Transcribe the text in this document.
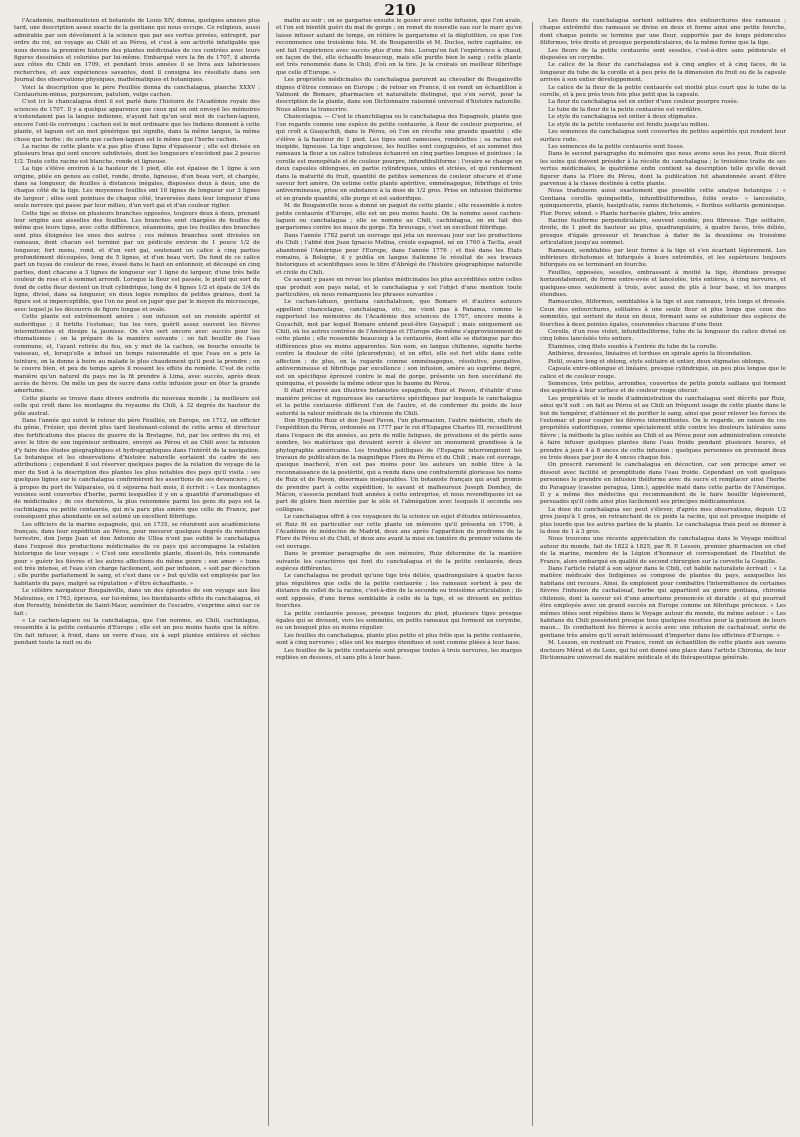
210

l'Académie, mathématicien et botaniste de Louis XIV, donna, quelques années plus tard, une description assez exacte de la gentiane qui nous occupe. Ce religieux, aussi admirable par son dévoûment à la science que par ses vertus privées, entreprit, par ordre du roi, un voyage au Chili et au Pérou, et c'est à son activité infatigable que nous devons la première histoire des plantes médicinales de ces contrées avec leurs figures dessinées et coloriées par lui-même. Embarqué vers la fin de 1707, il aborda aux côtes du Chili en 1709, et pendant trois années il se livra aux laborieuses recherches, et aux expériences savantes, dont il consigna les résultats dans son Journal des observations physiques, mathématiques et botaniques.

Voici la description que le père Feuillée donna du canchalagua, planche XXXV : Centaurium-minus, purpureum, patulum, vulgo cachen.

C'est ici le chancalagua dont il est parlé dans l'histoire de l'Académie royale des sciences de 1707. Il y a quelque apparence que ceux qui en ont envoyé les mémoires n'entendaient pas la langue indienne, n'ayant fait qu'un seul mot de cachen-laguen, encore l'ont-ils corrompu ; cachen est le mot ordinaire que les Indiens donnent à cette plante, et laguen est un mot générique qui signifie, dans la même langue, la même chose que herbe ; de sorte que cachen-laguen est le même que l'herbe cachen.

La racine de cette plante n'a pas plus d'une ligne d'épaisseur ; elle est divisée en plusieurs bras qui sont encore subdivisés, dont les longueurs n'excèdent pas 2 pouces 1/2. Toute cette racine est blanche, ronde et ligneuse.

La tige s'élève environ à la hauteur de 1 pied, elle est épaisse de 1 ligne à son origine, pliée en genou au collet, ronde, droite, ligneuse, d'un beau vert, et chargée, dans sa longueur, de feuilles à distances inégales, disposées deux à deux, une de chaque côté de la tige. Les moyennes feuilles ont 10 lignes de longueur sur 3 lignes de largeur ; elles sont pointues de chaque côté, traversées dans leur longueur d'une seule nervure qui passe par leur milieu, d'un vert gai et d'un couleur riglier.

Cette tige se divise en plusieurs branches opposées, toujours deux à deux, prenant leur origine aux aisselles des feuilles. Les branches sont chargées de feuilles de même que leurs tiges, avec cette différence, néanmoins, que les feuilles des branches sont plus éloignées les unes des autres ; ces mêmes branches sont divisées en rameaux, dont chacun est terminé par un pédicule environ de 1 pouce 1/2 de longueur, fort menu, rond, et d'un vert gai, soutenant un calice à cinq parties profondément découpées, long de 5 lignes, et d'un beau vert. Du fond de ce calice part un tuyau de couleur de rose, évasé dans le haut en entonnoir, et découpé en cinq parties, dont chacune a 3 lignes de longueur sur 1 ligne de largeur, d'une très belle couleur de rose et à sommet arrondi. Lorsque la fleur est passée, le pistil qui sort du fond de cette fleur devient un fruit cylindrique, long de 4 lignes 1/2 et épais de 3/4 de ligne, divisé, dans sa longueur, en deux loges remplies de petites graines, dont la figure est si imperceptible, que l'on ne peut en juger que par le moyen du microscope, avec lequel je les découvris de figure longue et ovale.

Cette plante est extrêmement amère ; son infusion est un remède apéritif et sudorifique ; il fortifie l'estomac, tue les vers, guérit assez souvent les fièvres intermittentes et dissipe la jaunisse. On s'en sert encore avec succès pour les rhumatismes ; on la prépare de la manière suivante : on fait bouillir de l'eau commune, et, l'ayant retirée du feu, on y met de la cachen, on bouche ensuite le vaisseau, et, lorsqu'elle a infusé un temps raisonnable et que l'eau en a pris la teinture, on la donne à boire au malade le plus chaudement qu'il peut la prendre ; on le couvre bien, et peu de temps après il ressent les effets du remède. C'est de cette manière qu'un naturel du pays me la fit prendre à Lima, avec succès, après deux accès de fièvre. On mêle un peu de sucre dans cette infusion pour en ôter la grande amertume.

Cette plante se trouve dans divers endroits du nouveau monde ; la meilleure est celle qui croît dans les montagne du royaume du Chili, à 32 degrés de hauteur du pôle austral.

Dans l'année qui suivit le retour du père Feuillée, en Europe, en 1712, un officier du génie, Frézier, qui devint plus tard lieutenant-colonel de cette arme et directeur des fortifications des places de guerre de la Bretagne, fut, par les ordres du roi, et avec le titre de son ingénieur ordinaire, envoyé au Pérou et au Chili avec la mission d'y faire des études géographiques et hydrographiques dans l'intérêt de la navigation. La botanique et les observations d'histoire naturelle sortaient du cadre de ses attributions ; cependant il sut réserver quelques pages de la relation du voyage de la mer du Sud à la description des plantes les plus notables des pays qu'il visita : ses quelques lignes sur le canchalagua confirmèrent les assertions de ses devanciers ; et, à propos du port de Valparaiso, où il séjourna huit mois, il écrivit : « Les montagnes voisines sont couvertes d'herbe, parmi lesquelles il y en a quantité d'aromatiques et de médicinales ; de ces dernières, la plus renommée parmi les gens du pays est la cachinlagua ou petite centaurée, qui m'a paru plus amère que celle de France, par conséquent plus abondante en sel estimé un excellent fébrifuge.

Les officiers de la marine espagnole, qui, en 1735, se réunirent aux académiciens français, dans leur expédition au Pérou, pour mesurer quelques degrés du méridien terrestre, don Jorge Juan et don Antonio de Ulloa n'ont pas oublié le canchalagua dans l'exposé des productions médicinales de ce pays qui accompagne la relation historique de leur voyage : « C'est une excellente plante, disent-ils, très commande pour » guérir les fièvres et les autres affections du même genre ; son amer- » tume est très intense, et l'eau s'en charge facilement, soit par infusion, » soit par décoction ; elle purifie parfaitement le sang, et c'est dans ce » but qu'elle est employée par les habitants du pays, malgré sa réputation » d'être échauffante. »

Le célèbre navigateur Bougainville, dans un des épisodes de son voyage aux îles Malouines, en 1763, éprouva, sur lui-même, les bienfaisants effets du canchalagua, et don Pernetty, bénédictin de Saint-Maur, aumônier de l'escadre, s'exprime ainsi sur ce fait :

« Le cachen-laguen ou la canchalagua, que l'on nomme, au Chili, cachinlagua, ressemble à la petite centaurée d'Europe ; elle est un peu moins haute que la nôtre. On fait infuser, à froid, dans un verre d'eau, six à sept plantes entières et sèches pendant toute la nuit ou du

matin au soir ; on se gargarise ensuite le gosier avec cette infusion, que l'on avale, et l'on est bientôt guéri du mal de gorge ; on remet de nouvelle eau sur le marc qu'on laisse infuser autant de temps, on réitère le gargarisme et la déglutition, ce que l'on recommence une troisième fois. M. de Bougainville et M. Duclos, notre capitaine, en ont fait l'expérience avec succès plus d'une fois. Lorsqu'on fait l'expérience à chaud, en façon de thé, elle échauffe beaucoup, mais elle purifie bien le sang ; cette plante est très renommée dans le Chili, d'où on la tire. Je la croirais un meilleur fébrifuge que celle d'Europe. »

Les propriétés médicinales du canchalagua parurent au chevalier de Bougainville dignes d'êtres connues en Europe ; de retour en France, il en remit un échantillon à Valmont de Bomare, pharmacien et naturaliste distingué, qui s'en servit, pour la description de la plante, dans son Dictionnaire raisonné universel d'histoire naturelle. Nous allons la transcrire.

Chancelagua. — C'est le chanchilagua ou le canchalagua des Espagnols, plante que l'on regarde comme une espèce de petite centaurée, à fleur de couleur purpurine, et qui croît à Guayachili, dans le Pérou, où l'on en récolte une grande quantité ; elle s'élève à la hauteur de 1 pied. Les tiges sont rameuses, rondelettes ; sa racine est insipide, ligneuse. La tige anguleuse, les feuilles sont conjuguées, et au sommet des rameaux la fleur a un calice tubuleux échancré en cinq parties longues et pointues ; la corolle est monopétale et de couleur pourpre, infundibuliforme ; l'ovaire se change en deux capsules oblongues, en partie cylindriques, unies et striées, et qui renferment dans la maturité du fruit, quantité de petites semences de couleur obscure et d'une saveur fort amère. On estime cette plante apéritive, emménagogue, fébrifuge et très antivermineuse, prise en substance à la dose de 1/2 gros. Prise en infusion théiforme et en grande quantité, elle purge et est sudorifique.

M. de Bougainville nous a donné un paquet de cette plante ; elle ressemble à notre petite centaurée d'Europe, elle est un peu moins haute. On la nomme aussi cachen-laguen ou canchalagua ; elle se nomme au Chili, cachinlagua, on en fait des gargarismes contre les maux de gorge. En breuvage, c'est un excellent fébrifuge.

Dans l'année 1782 parut un ouvrage qui jeta un nouveau jour sur les productions du Chili ; l'abbé don Juan Ignacio Molina, créole espagnol, né en 1760 à Taclla, avait abandonné l'Amérique pour l'Europe, dans l'année 1776 ; et fixé dans les États romains, à Bologne, il y publia en langue italienne le résultat de ses travaux historiques et scientifiques sous le titre d'Abrégé de l'histoire géographique naturelle et civile du Chili.

Ce savant y passe en revue les plantes médicinales les plus accréditées entre celles que produit son pays natal, et le canchalagua y est l'objet d'une mention toute particulière, où nous remarquons les phrases suivantes :

Le cachan-lahuen, gentiana canchalahuen, que Bomare et d'autres auteurs appellent chancelague, canchalagua, etc., ne vient pas à Panama, comme le rapportent les mémoires de l'Académie des sciences de 1707, encore moins à Guyachili, mot par lequel Bomare entend peut-être Guyaquil ; mais uniquement au Chili, où les autres contrées de l'Amérique et l'Europe elle-même s'approvisionnent de cette plante ; elle ressemble beaucoup à la centaurée, dont elle se distingue par des différences plus ou moins apparentes. Son nom, en langue chilienne, signifie herbe contre la douleur de côté (pleurodynie), et en effet, elle est fort utile dans cette affection ; de plus, on la regarde comme emménagogue, résolutive, purgative, antivermineuse et fébrifuge par excellence ; son infusion, amère au suprême degré, est un spécifique éprouvé contre le mal de gorge, présente un bon succédané du quinquina, et possède la même odeur que le baume du Pérou.

Il était réservé aux illustres botanistes espagnols, Ruiz et Pavon, d'établir d'une manière précise et rigoureuse les caractères spécifiques par lesquels le canchalagua et la petite centaurée diffèrent l'un de l'autre, et de confirmer du poids de leur autorité la valeur médicale de la chironie du Chili.

Don Hypolito Ruiz et don Josef Pavon, l'un pharmacien, l'autre médecin, chefs de l'expédition du Pérou, ordonnée en 1777 par le roi d'Espagne Charles III, recueillirent dans l'espace de dix années, au prix de mille fatigues, de privations et de périls sans nombre, les matériaux qui devaient servir à élever un monument grandiose à la phytographie américaine. Les troubles politiques de l'Espagne interrompirent les travaux de publication de la magnifique Flore du Pérou et du Chili ; mais cet ouvrage, quoique inachevé, n'en est pas moins pour les auteurs un noble titre à la reconnaissance de la postérité, qui a rendu dans une confraternité glorieuse les noms de Ruiz et de Pavon, désormais inséparables. Un botaniste français qui avait promis de prendre part à cette expédition, le savant et malheureux Joseph Dombey, de Mâcon, s'associa pendant huit années à cette entreprise, et nous revendiquons ici sa part de gloire bien méritée par le zèle et l'abnégation avec lesquels il seconda ses collègues.

Le canchalagua offrit à ces voyageurs de la science un sujet d'études intéressantes, et Ruiz fit en particulier sur cette plante un mémoire qu'il présenta en 1796, à l'Académie de médecine de Madrid, deux ans après l'apparition du prodrome de la Flore du Pérou et du Chili, et deux ans avant la mise en lumière du premier volume de cet ouvrage.

Dans le premier paragraphe de son mémoire, Ruiz détermine de la manière suivante les caractères qui font du canchalagua et de la petite centaurée, deux espèces différentes.

Le canchalagua ne produit qu'une tige très déliée, quadrangulaire à quatre faces plus régulières que celle de la petite centaurée ; les rameaux sortent à peu de distance du collet de la racine, c'est-à-dire de la seconde ou troisième articulation ; ils sont opposés, d'une forme semblable à celle de la tige, et se divisent en petites fourches.

La petite centaurée pousse, presque toujours du pied, plusieurs tiges presque égales qui se divisent, vers les sommités, en petits rameaux qui forment un corymbe, ou un bouquet plus ou moins régulier.

Les feuilles du canchalagua, plante plus petite et plus frêle que la petite centaurée, sont à cinq nervures ; elles ont les marges étendues et sont comme pliées à leur base.

Les feuilles de la petite centaurée sont presque toutes à trois nervures, les marges repliées en dessous, et sans plis à leur base.

Les fleurs du canchalagua sortent solitaires des enfourchures des rameaux ; chaque extrémité des rameaux se divise en deux et forme ainsi une petite fourche, dont chaque pointe se termine par une fleur, supportée par de longs pédoncules filiformes, très droits et presque perpendiculaires, de la même forme que la tige.

Les fleurs de la petite centaurée sont sessiles, c'est-à-dire sans pédoncule et disposées en corymbe.

Le calice de la fleur du canchalagua est à cinq angles et à cinq faces, de la longueur du tube de la corolle et à peu près de la dimension du fruit ou de la capsule arrivée à son entier développement.

Le calice de la fleur de la petite centaurée est moitié plus court que le tube de la corolle, et à peu près trois fois plus petit que la capsule.

La fleur du canchalagua est en entier d'une couleur pourpre rosée.

Le tube de la fleur de la petite centaurée est verdâtre.

Le style du canchalagua est entier à deux stigmates.

Le style de la petite centaurée est fendu jusqu'au milieu.

Les semences du canchalagua sont couvertes de petites aspérités qui rendent leur surface rude.

Les semences de la petite centaurée sont lisses.

Dans le second paragraphe du mémoire que nous avons sous les yeux, Ruiz décrit les soins qui doivent présider à la récolte du canchalagua ; le troisième traite de ses vertus médicinales, le quatrième enfin contient sa description telle qu'elle devait figurer dans la Flore du Pérou, dont la publication fut abandonnée avant d'être parvenue à la classe destinée à cette plante.

Nous traduisons aussi exactement que possible cette analyse botanique : « Gentiana corollis quinquefidis, infundibuliformibus, foliis ovato- » lanceolatis, quinquenerviis, planis, basipilcatis, ramis dichotomis, » floribus solitariis geminisque. Flor. Peruv, edend. » Plante herbacée glabre, très amère.

Racine fusiforme perpendiculaire, souvent coudée, peu fibreuse. Tige solitaire, droite, de 1 pied de hauteur au plus, quadrangulaire, à quatre faces, très déliée, presque d'égale grosseur et branchue à dater de la deuxième ou troisième articulation jusqu'au sommet.

Rameaux, semblables par leur forme à la tige et s'en écartant légèrement. Les inférieurs dichotomes et bifurqués à leurs extrémités, et les supérieurs toujours bifurqués ou se terminant en fourche.

Feuilles, opposées, sessiles, embrassant à moitié la tige, étendues presque horizontalement, de forme entre-ovée et lancéolée, très entières, à cinq nervures, et quelques-unes seulement à trois, avec aussi de plis à leur base, et les marges étendues.

Ramuscules, filiformes, semblables à la tige et aux rameaux, très longs et dressés. Ceux des enfourchures, solitaires à une seule fleur et plus longs que ceux des sommités, qui sortent de deux en deux, formant sans se subdiviser des espèces de fourches à deux pointes égales, couronnées chacune d'une fleur.

Corolle, d'un rose violet, infundibuliforme, tube de la longueur du calice divisé en cinq lobes lancéolés très entiers.

Étamines, cinq filets soudés à l'entrée du tube de la corolle.

Anthères, dressées, linéaires et tordues en spirale après la fécondation.

Pistil, ovaire long et oblong, style solitaire et entier, deux stigmates oblongs.

Capsule entre-oblongue et linéaire, presque cylindrique, un peu plus longue que le calice et de couleur rouge.

Semences, très petites, arrondies, couvertes de petits points saillans qui forment des aspérités à leur surface et de couleur rouge obscur.

Les propriétés et le mode d'administration du canchalagua sont décrits par Ruiz, ainsi qu'il suit : on fait au Pérou et au Chili un fréquent usage de cette plante dans le but de tempérer, d'atténuer et de purifier le sang, ainsi que pour relever les forces de l'estomac et pour couper les fièvres intermittentes. On le regarde, en raison de ces propriétés sudorifiques, comme spécialement utile contre les douleurs latérales sans fièvre ; la méthode la plus usitée au Chili et au Pérou pour son administration consiste à faire infuser quelques plantes dans l'eau froide pendant plusieurs heures, et prendre à jeun 4 à 8 onces de cette infusion ; quelques personnes en prennent deux ou trois doses par jour de 4 onces chaque fois.

On prescrit rarement le canchalagua en décoction, car son principe amer se dissout avec facilité et promptitude dans l'eau froide. Cependant on voit quelques personnes le prendre en infusion théiforme avec du sucre et remplacer ainsi l'herbe du Paraguay (cassine peragua, Linn.), appelée maté dans cette partie de l'Amérique. Il y a même des médecins qui recommandent de le faire bouillir légèrement, persuadés qu'il cède ainsi plus facilement ses principes médicamenteux.

La dose du canchalagua sec peut s'élever, d'après mes observations, depuis 1/2 gros jusqu'à 1 gros, en retranchant de ce poids la racine, qui est presque insipide et plus lourde que les autres parties de la plante. Le canchalagua frais peut se donner à la dose de 1 à 3 gros.

Nous trouvons une récente appréciation du canchalagua dans le Voyage médical autour du monde, fait de 1822 à 1825, par R. P. Lesson, premier pharmacien en chef de la marine, membre de la Légion d'honneur et correspondant de l'Institut de France, alors embarqué en qualité de second chirurgien sur la corvette la Coquille.

Dans l'article relatif à son séjour dans le Chili, cet habile naturaliste écrivait : « La matière médicale des Indigènes se compose de plantes du pays, auxquelles les habitans ont recours. Ainsi, ils emploient pour combattre l'intermittence de certaines fièvres l'infusion du cachalouaf, herbe qui appartient au genre gentiana, chironia chilensis, dont la saveur est d'une amertume prononcée et durable ; et qui pourrait être employée avec un grand succès en Europe comme un fébrifuge précieux. » Les mêmes idées sont répétées dans le Voyage autour du monde, du même auteur : « Les habitans du Chili possèdent presque tous quelques recettes pour la guérison de leurs maux... Ils combattent les fièvres à accès avec une infusion de cachalouaf, sorte de gentiane très amère qu'il serait intéressant d'importer dans les officines d'Europe. »

M. Lesson, en rentrant en France, remit un échantillon de cette plante aux savans docteurs Mérat et de Lens, qui lui ont donné une place dans l'article Chironia, de leur Dictionnaire universel de matière médicale et de thérapeutique générale.
